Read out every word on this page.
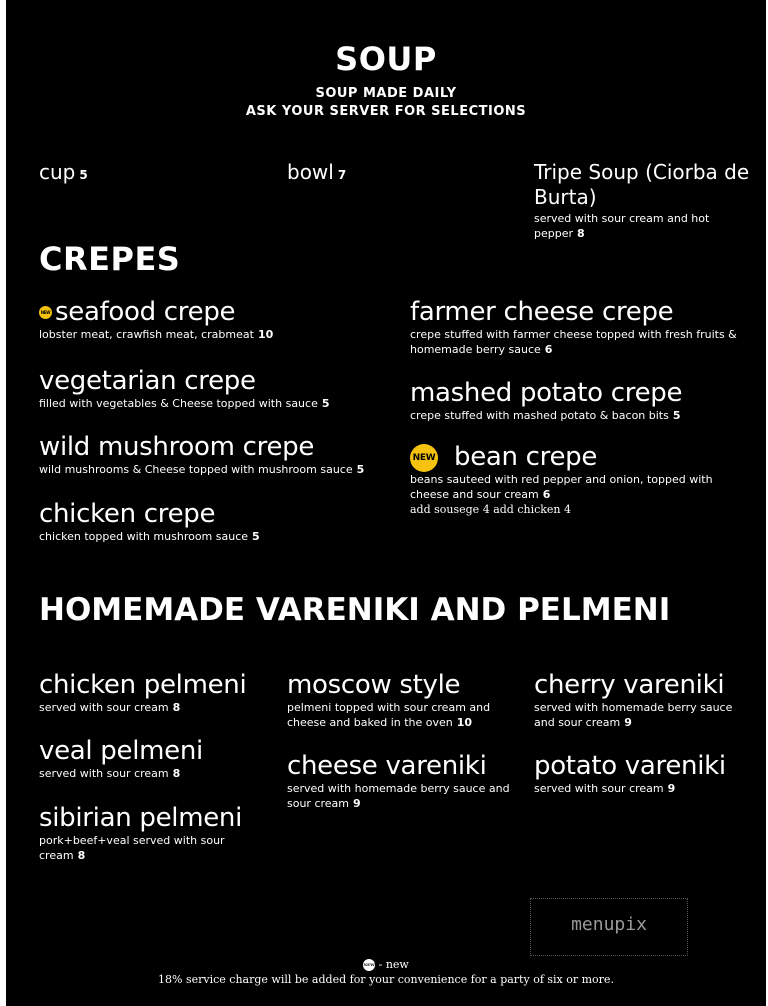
SOUP
SOUP MADE DAILY
ASK YOUR SERVER FOR SELECTIONS
cup 5	bowl 7	Tripe Soup (Ciorba de Burta)
served with sour cream and hot pepper 8
CREPES
NEW seafood crepe
lobster meat, crawfish meat, crabmeat 10
vegetarian crepe
filled with vegetables & Cheese topped with sauce 5
wild mushroom crepe
wild mushrooms & Cheese topped with mushroom sauce 5
chicken crepe
chicken topped with mushroom sauce 5
farmer cheese crepe
crepe stuffed with farmer cheese topped with fresh fruits & homemade berry sauce 6
mashed potato crepe
crepe stuffed with mashed potato & bacon bits 5
NEW bean crepe
beans sauteed with red pepper and onion, topped with cheese and sour cream 6
add sousege 4 add chicken 4
HOMEMADE VARENIKI AND PELMENI
chicken pelmeni
served with sour cream 8
veal pelmeni
served with sour cream 8
sibirian pelmeni
pork+beef+veal served with sour cream 8
moscow style
pelmeni topped with sour cream and cheese and baked in the oven 10
cheese vareniki
served with homemade berry sauce and sour cream 9
cherry vareniki
served with homemade berry sauce and sour cream 9
potato vareniki
served with sour cream 9
menupix
NEW - new
18% service charge will be added for your convenience for a party of six or more.
